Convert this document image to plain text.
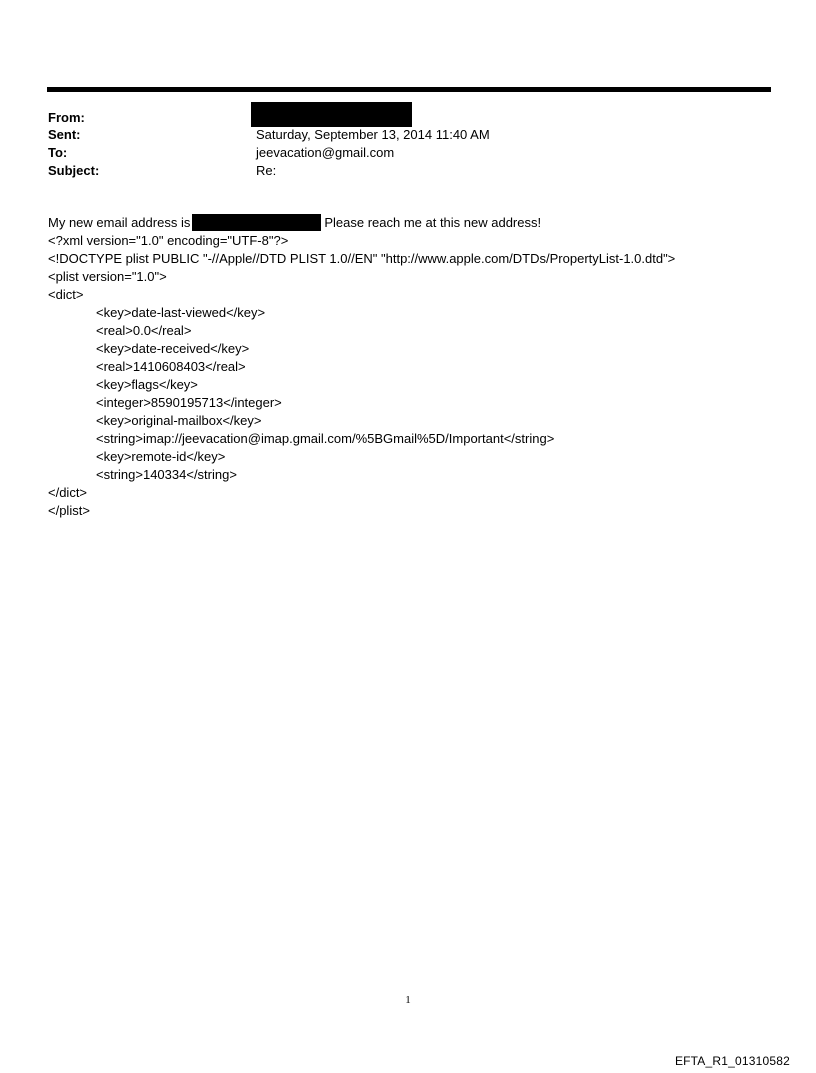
From:
Sent:	Saturday, September 13, 2014 11:40 AM
To:	jeevacation@gmail.com
Subject:	Re:
My new email address is	Please reach me at this new address!
<?xml version="1.0" encoding="UTF-8"?>
<!DOCTYPE plist PUBLIC "-//Apple//DTD PLIST 1.0//EN" "http://www.apple.com/DTDs/PropertyList-1.0.dtd">
<plist version="1.0">
<dict>
<key>date-last-viewed</key>
<real>0.0</real>
<key>date-received</key>
<real>1410608403</real>
<key>flags</key>
<integer>8590195713</integer>
<key>original-mailbox</key>
<string>imap://jeevacation@imap.gmail.com/%5BGmail%5D/Important</string>
<key>remote-id</key>
<string>140334</string>
</dict>
</plist>
1
EFTA_R1_01310582
